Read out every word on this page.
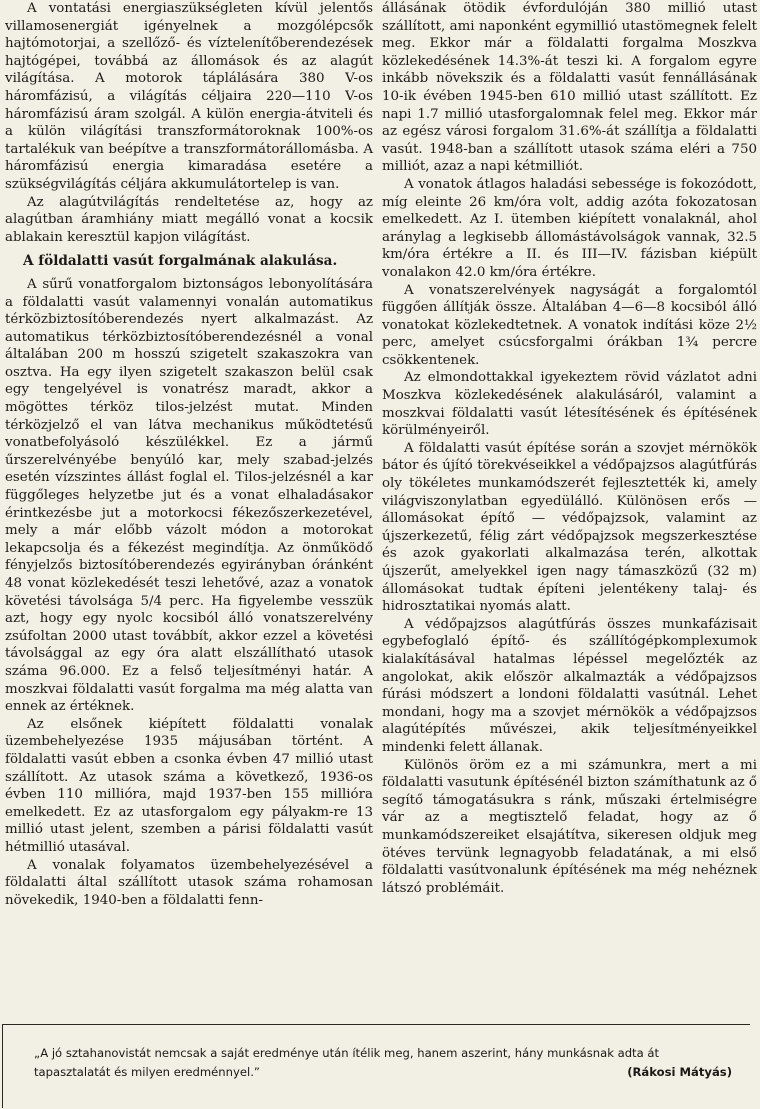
A vontatási energiaszükségleten kívül jelentős villamosenergiát igényelnek a mozgólépcsők hajtómotorjai, a szellőző- és víztelenítőberendezések hajtógépei, továbbá az állomások és az alagút világítása. A motorok táplálására 380 V-os háromfázisú, a világítás céljaira 220—110 V-os háromfázisú áram szolgál. A külön energia-átviteli és a külön világítási transzformátoroknak 100%-os tartalékuk van beépítve a transzformátorállomásba. A háromfázisú energia kimaradása esetére a szükségvilágítás céljára akkumulátortelep is van.

Az alagútvilágítás rendeltetése az, hogy az alagútban áramhiány miatt megálló vonat a kocsik ablakain keresztül kapjon világítást.

A földalatti vasút forgalmának alakulása.

A sűrű vonatforgalom biztonságos lebonyolítására a földalatti vasút valamennyi vonalán automatikus térközbiztosítóberendezés nyert alkalmazást. Az automatikus térközbiztosítóberendezésnél a vonal általában 200 m hosszú szigetelt szakaszokra van osztva. Ha egy ilyen szigetelt szakaszon belül csak egy tengelyével is vonatrész maradt, akkor a mögöttes térköz tilos-jelzést mutat. Minden térközjelző el van látva mechanikus működtetésű vonatbefolyásoló készülékkel. Ez a jármű űrszerelvényébe benyúló kar, mely szabad-jelzés esetén vízszintes állást foglal el. Tilos-jelzésnél a kar függőleges helyzetbe jut és a vonat elhaladásakor érintkezésbe jut a motorkocsi fékezőszerkezetével, mely a már előbb vázolt módon a motorokat lekapcsolja és a fékezést megindítja. Az önműködő fényjelzős biztosítóberendezés egyirányban óránként 48 vonat közlekedését teszi lehetővé, azaz a vonatok követési távolsága 5/4 perc. Ha figyelembe vesszük azt, hogy egy nyolc kocsiból álló vonatszerelvény zsúfoltan 2000 utast továbbít, akkor ezzel a követési távolsággal az egy óra alatt elszállítható utasok száma 96.000. Ez a felső teljesítményi határ. A moszkvai földalatti vasút forgalma ma még alatta van ennek az értéknek.

Az elsőnek kiépített földalatti vonalak üzembehelyezése 1935 májusában történt. A földalatti vasút ebben a csonka évben 47 millió utast szállított. Az utasok száma a következő, 1936-os évben 110 millióra, majd 1937-ben 155 millióra emelkedett. Ez az utasforgalom egy pályakm-re 13 millió utast jelent, szemben a párisi földalatti vasút hétmillió utasával.

A vonalak folyamatos üzembehelyezésével a földalatti által szállított utasok száma rohamosan növekedik, 1940-ben a földalatti fenn-

állásának ötödik évfordulóján 380 millió utast szállított, ami naponként egymillió utastömegnek felelt meg. Ekkor már a földalatti forgalma Moszkva közlekedésének 14.3%-át teszi ki. A forgalom egyre inkább növekszik és a földalatti vasút fennállásának 10-ik évében 1945-ben 610 millió utast szállított. Ez napi 1.7 millió utasforgalomnak felel meg. Ekkor már az egész városi forgalom 31.6%-át szállítja a földalatti vasút. 1948-ban a szállított utasok száma eléri a 750 milliót, azaz a napi kétmilliót.

A vonatok átlagos haladási sebessége is fokozódott, míg eleinte 26 km/óra volt, addig azóta fokozatosan emelkedett. Az I. ütemben kiépített vonalaknál, ahol aránylag a legkisebb állomástávolságok vannak, 32.5 km/óra értékre a II. és III—IV. fázisban kiépült vonalakon 42.0 km/óra értékre.

A vonatszerelvények nagyságát a forgalomtól függően állítják össze. Általában 4—6—8 kocsiból álló vonatokat közlekedtetnek. A vonatok indítási köze 2½ perc, amelyet csúcsforgalmi órákban 1¾ percre csökkentenek.

Az elmondottakkal igyekeztem rövid vázlatot adni Moszkva közlekedésének alakulásáról, valamint a moszkvai földalatti vasút létesítésének és építésének körülményeiről.

A földalatti vasút építése során a szovjet mérnökök bátor és újító törekvéseikkel a védőpajzsos alagútfúrás oly tökéletes munkamódszerét fejlesztették ki, amely világviszonylatban egyedülálló. Különösen erős — állomásokat építő — védőpajzsok, valamint az újszerkezetű, félig zárt védőpajzsok megszerkesztése és azok gyakorlati alkalmazása terén, alkottak újszerűt, amelyekkel igen nagy támaszközű (32 m) állomásokat tudtak építeni jelentékeny talaj- és hidrosztatikai nyomás alatt.

A védőpajzsos alagútfúrás összes munkafázisait egybefoglaló építő- és szállítógépkomplexumok kialakításával hatalmas lépéssel megelőzték az angolokat, akik először alkalmazták a védőpajzsos fúrási módszert a londoni földalatti vasútnál. Lehet mondani, hogy ma a szovjet mérnökök a védőpajzsos alagútépítés művészei, akik teljesítményeikkel mindenki felett állanak.

Különös öröm ez a mi számunkra, mert a mi földalatti vasutunk építésénél bizton számíthatunk az ő segítő támogatásukra s ránk, műszaki értelmiségre vár az a megtisztelő feladat, hogy az ő munkamódszereiket elsajátítva, sikeresen oldjuk meg ötéves tervünk legnagyobb feladatának, a mi első földalatti vasútvonalunk építésének ma még nehéznek látszó problémáit.

„A jó sztahanovistát nemcsak a saját eredménye után ítélik meg, hanem aszerint, hány munkásnak adta át tapasztalatát és milyen eredménnyel.”	(Rákosi Mátyás)
